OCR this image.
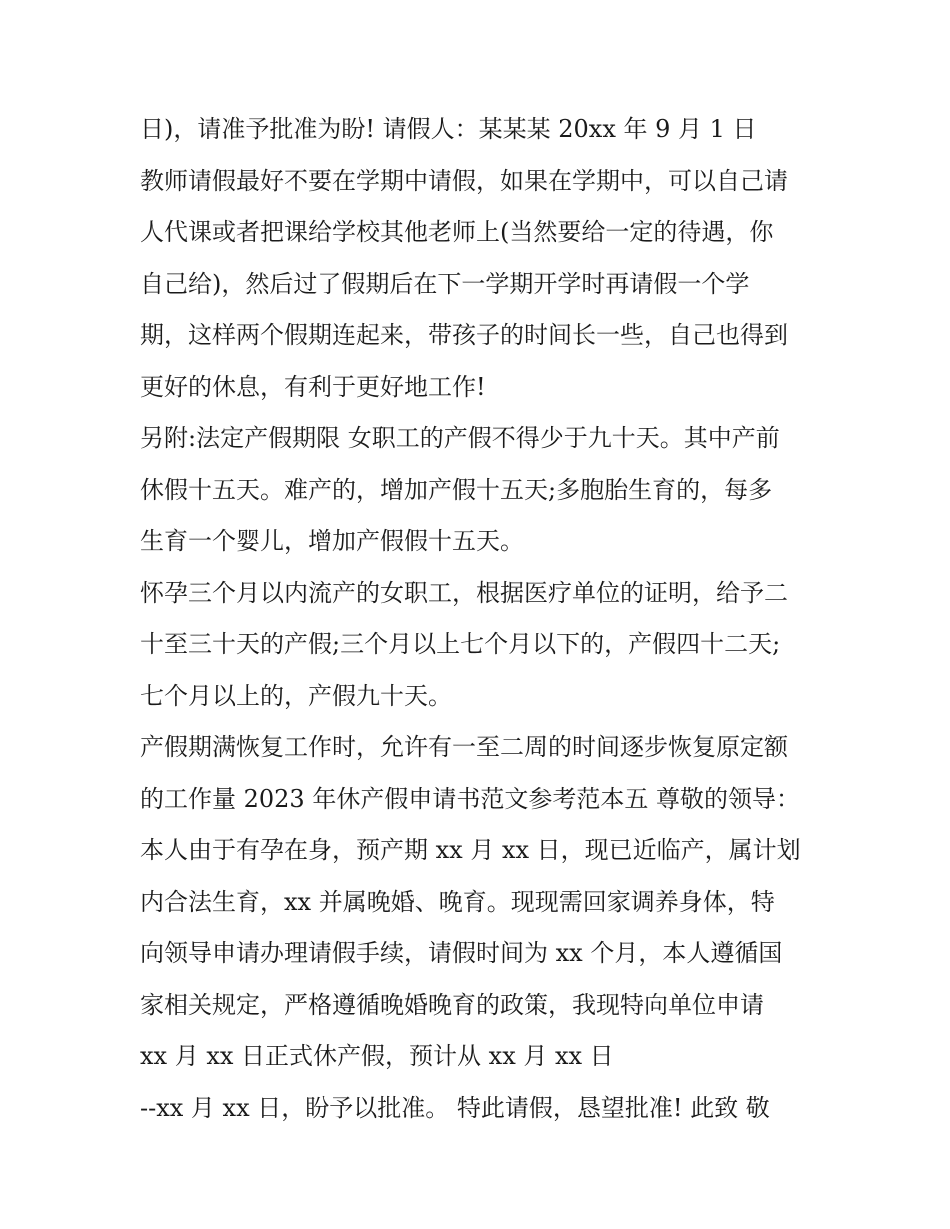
日)，请准予批准为盼! 请假人：某某某 20xx 年 9 月 1 日
教师请假最好不要在学期中请假，如果在学期中，可以自己请
人代课或者把课给学校其他老师上(当然要给一定的待遇，你
自己给)，然后过了假期后在下一学期开学时再请假一个学
期，这样两个假期连起来，带孩子的时间长一些，自己也得到
更好的休息，有利于更好地工作!
另附:法定产假期限 女职工的产假不得少于九十天。其中产前
休假十五天。难产的，增加产假十五天;多胞胎生育的，每多
生育一个婴儿，增加产假假十五天。
怀孕三个月以内流产的女职工，根据医疗单位的证明，给予二
十至三十天的产假;三个月以上七个月以下的，产假四十二天;
七个月以上的，产假九十天。
产假期满恢复工作时，允许有一至二周的时间逐步恢复原定额
的工作量 2023 年休产假申请书范文参考范本五 尊敬的领导：
本人由于有孕在身，预产期 xx 月 xx 日，现已近临产，属计划
内合法生育，xx 并属晚婚、晚育。现现需回家调养身体，特
向领导申请办理请假手续，请假时间为 xx 个月，本人遵循国
家相关规定，严格遵循晚婚晚育的政策，我现特向单位申请
xx 月 xx 日正式休产假，预计从 xx 月 xx 日
--xx 月 xx 日，盼予以批准。 特此请假，恳望批准! 此致 敬
